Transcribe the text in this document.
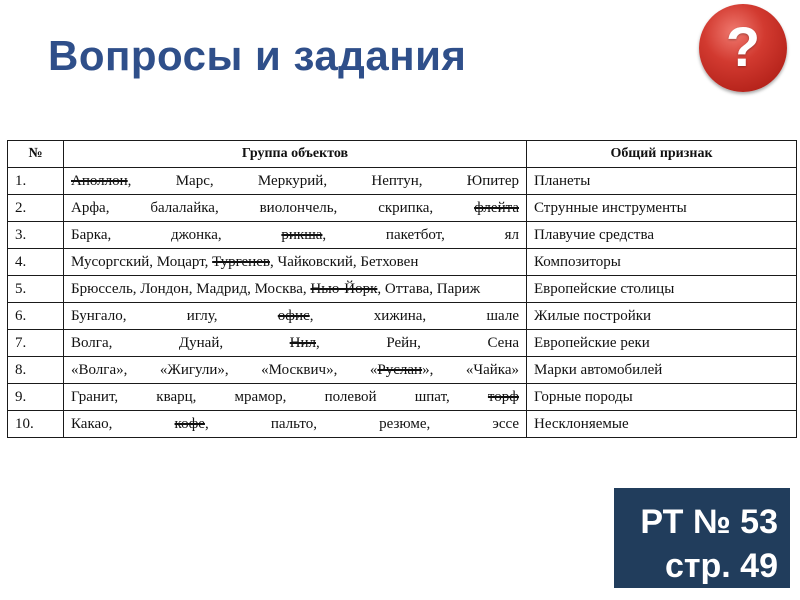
Вопросы и задания	?
№	Группа объектов	Общий признак
1.	Аполлон, Марс, Меркурий, Нептун, Юпитер	Планеты
2.	Арфа, балалайка, виолончель, скрипка, флейта	Струнные инструменты
3.	Барка, джонка, рикша, пакетбот, ял	Плавучие средства
4.	Мусоргский, Моцарт, Тургенев, Чайковский, Бетховен	Композиторы
5.	Брюссель, Лондон, Мадрид, Москва, Нью-Йорк, Оттава, Париж	Европейские столицы
6.	Бунгало, иглу, офис, хижина, шале	Жилые постройки
7.	Волга, Дунай, Нил, Рейн, Сена	Европейские реки
8.	«Волга», «Жигули», «Москвич», «Руслан», «Чайка»	Марки автомобилей
9.	Гранит, кварц, мрамор, полевой шпат, торф	Горные породы
10.	Какао, кофе, пальто, резюме, эссе	Несклоняемые
РТ № 53
стр. 49
